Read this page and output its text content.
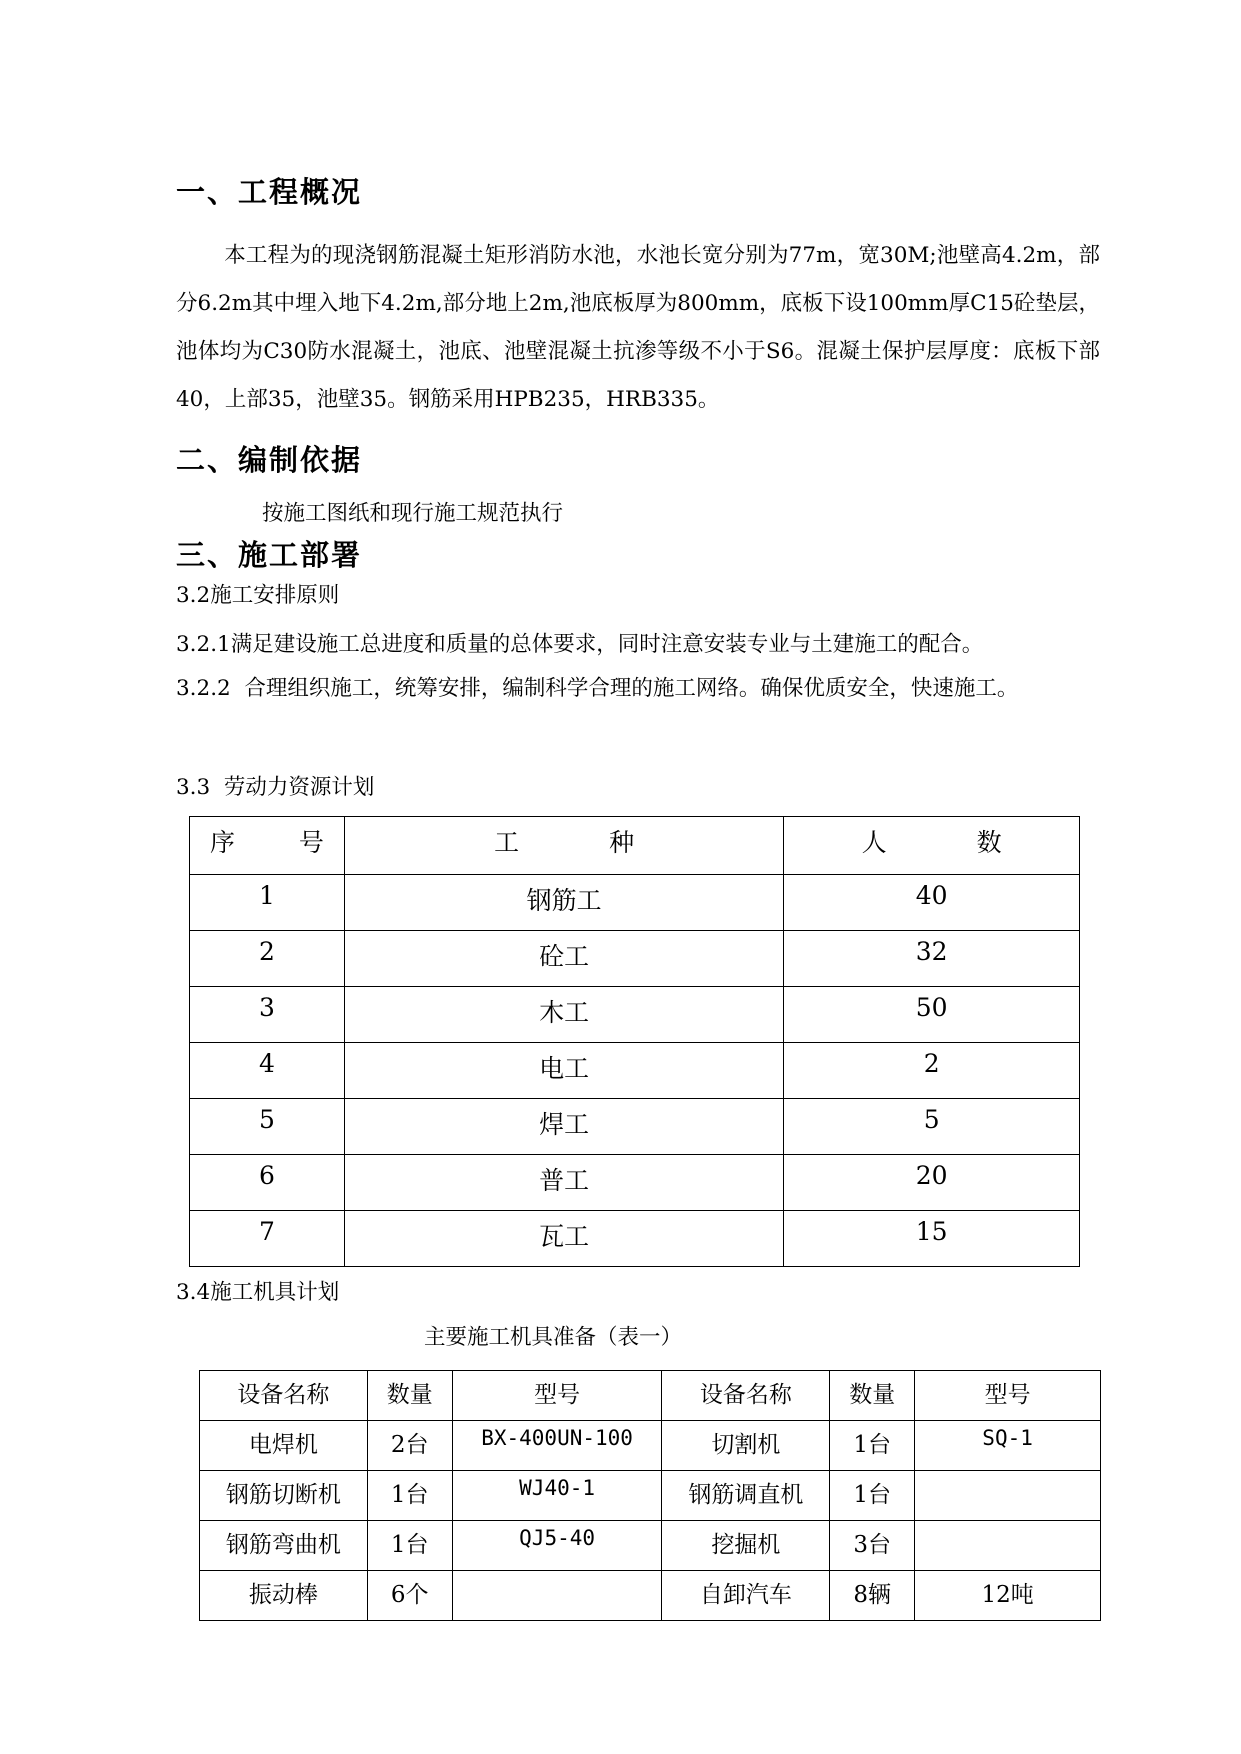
一、工程概况
本工程为的现浇钢筋混凝土矩形消防水池，水池长宽分别为77m，宽30M;池壁高4.2m，部分6.2m其中埋入地下4.2m,部分地上2m,池底板厚为800mm，底板下设100mm厚C15砼垫层，池体均为C30防水混凝土，池底、池壁混凝土抗渗等级不小于S6。混凝土保护层厚度：底板下部40，上部35，池壁35。钢筋采用HPB235，HRB335。
二、编制依据
按施工图纸和现行施工规范执行
三、施工部署
3.2施工安排原则
3.2.1满足建设施工总进度和质量的总体要求，同时注意安装专业与土建施工的配合。
3.2.2  合理组织施工，统筹安排，编制科学合理的施工网络。确保优质安全，快速施工。
3.3  劳动力资源计划
序 号	工 种	人 数

1	钢筋工	40
2	砼工	32
3	木工	50
4	电工	2
5	焊工	5
6	普工	20
7	瓦工	15
3.4施工机具计划
主要施工机具准备（表一）
设备名称	数量	型号	设备名称	数量	型号
电焊机	2台	BX-400UN-100	切割机	1台	SQ-1
钢筋切断机	1台	WJ40-1	钢筋调直机	1台	
钢筋弯曲机	1台	QJ5-40	挖掘机	3台	
振动棒	6个		自卸汽车	8辆	12吨
